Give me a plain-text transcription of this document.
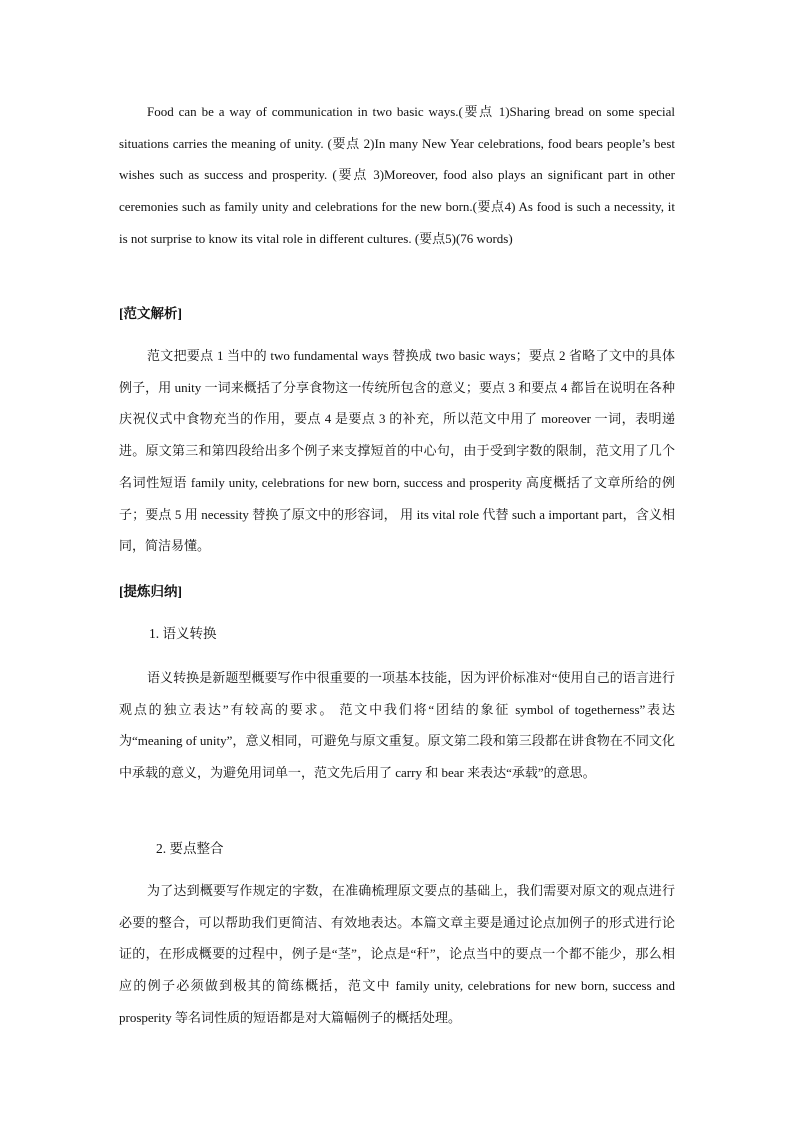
Food can be a way of communication in two basic ways.(要点 1)Sharing bread on some special situations carries the meaning of unity. (要点 2)In many New Year celebrations, food bears people’s best wishes such as success and prosperity. (要点 3)Moreover, food also plays an significant part in other ceremonies such as family unity and celebrations for the new born.(要点4) As food is such a necessity, it is not surprise to know its vital role in different cultures. (要点5)(76 words)

[范文解析]

范文把要点 1 当中的 two fundamental ways 替换成 two basic ways；要点 2 省略了文中的具体例子，用 unity 一词来概括了分享食物这一传统所包含的意义；要点 3 和要点 4 都旨在说明在各种庆祝仪式中食物充当的作用，要点 4 是要点 3 的补充，所以范文中用了 moreover 一词，表明递进。原文第三和第四段给出多个例子来支撑短首的中心句，由于受到字数的限制，范文用了几个名词性短语 family unity, celebrations for new born, success and prosperity 高度概括了文章所给的例子；要点 5 用 necessity 替换了原文中的形容词， 用 its vital role 代替 such a important part，含义相同，简洁易懂。

[提炼归纳]

1. 语义转换

语义转换是新题型概要写作中很重要的一项基本技能，因为评价标准对“使用自己的语言进行观点的独立表达”有较高的要求。 范文中我们将“团结的象征 symbol of togetherness”表达为“meaning of unity”，意义相同，可避免与原文重复。原文第二段和第三段都在讲食物在不同文化中承载的意义，为避免用词单一，范文先后用了 carry 和 bear 来表达“承载”的意思。

2. 要点整合

为了达到概要写作规定的字数，在准确梳理原文要点的基础上，我们需要对原文的观点进行必要的整合，可以帮助我们更简洁、有效地表达。本篇文章主要是通过论点加例子的形式进行论证的，在形成概要的过程中，例子是“茎”，论点是“秆”，论点当中的要点一个都不能少，那么相应的例子必须做到极其的简练概括，范文中 family unity, celebrations for new born, success and prosperity 等名词性质的短语都是对大篇幅例子的概括处理。
